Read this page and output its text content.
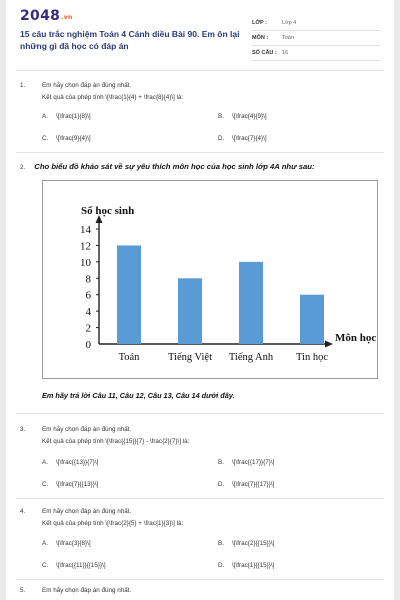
2048.vn
15 câu trắc nghiệm Toán 4 Cánh diều Bài 90. Em ôn lại những gì đã học có đáp án
LỚP :	Lớp 4
MÔN :	Toán
SỐ CÂU : 16
1.	Em hãy chọn đáp án đúng nhất.
Kết quả của phép tính \[\frac{1}{4} + \frac{8}{4}\] là:
A. \[\frac{1}{8}\]	B. \[\frac{4}{9}\]
C. \[\frac{9}{4}\]	D. \[\frac{7}{4}\]
2. Cho biểu đồ khảo sát về sự yêu thích môn học của học sinh lớp 4A như sau:
0
2
4
6
8
10
12
14
Toán	Tiếng Việt Tiếng Anh Tin học
Số học sinh
Môn học
Em hãy trả lời Câu 11, Câu 12, Câu 13, Câu 14 dưới đây.
3.	Em hãy chọn đáp án đúng nhất.
Kết quả của phép tính \[\frac{{15}}{7} - \frac{2}{7}\] là:
A. \[\frac{{13}}{7}\]	B. \[\frac{{17}}{7}\]
C. \[\frac{7}{{13}}\]	D. \[\frac{7}{{17}}\]
4.	Em hãy chọn đáp án đúng nhất.
Kết quả của phép tính \[\frac{2}{5} + \frac{1}{3}\] là:
A. \[\frac{3}{8}\]	B. \[\frac{2}{{15}}\]
C. \[\frac{{11}}{{15}}\]	D. \[\frac{1}{{15}}\]
5.	Em hãy chọn đáp án đúng nhất.
